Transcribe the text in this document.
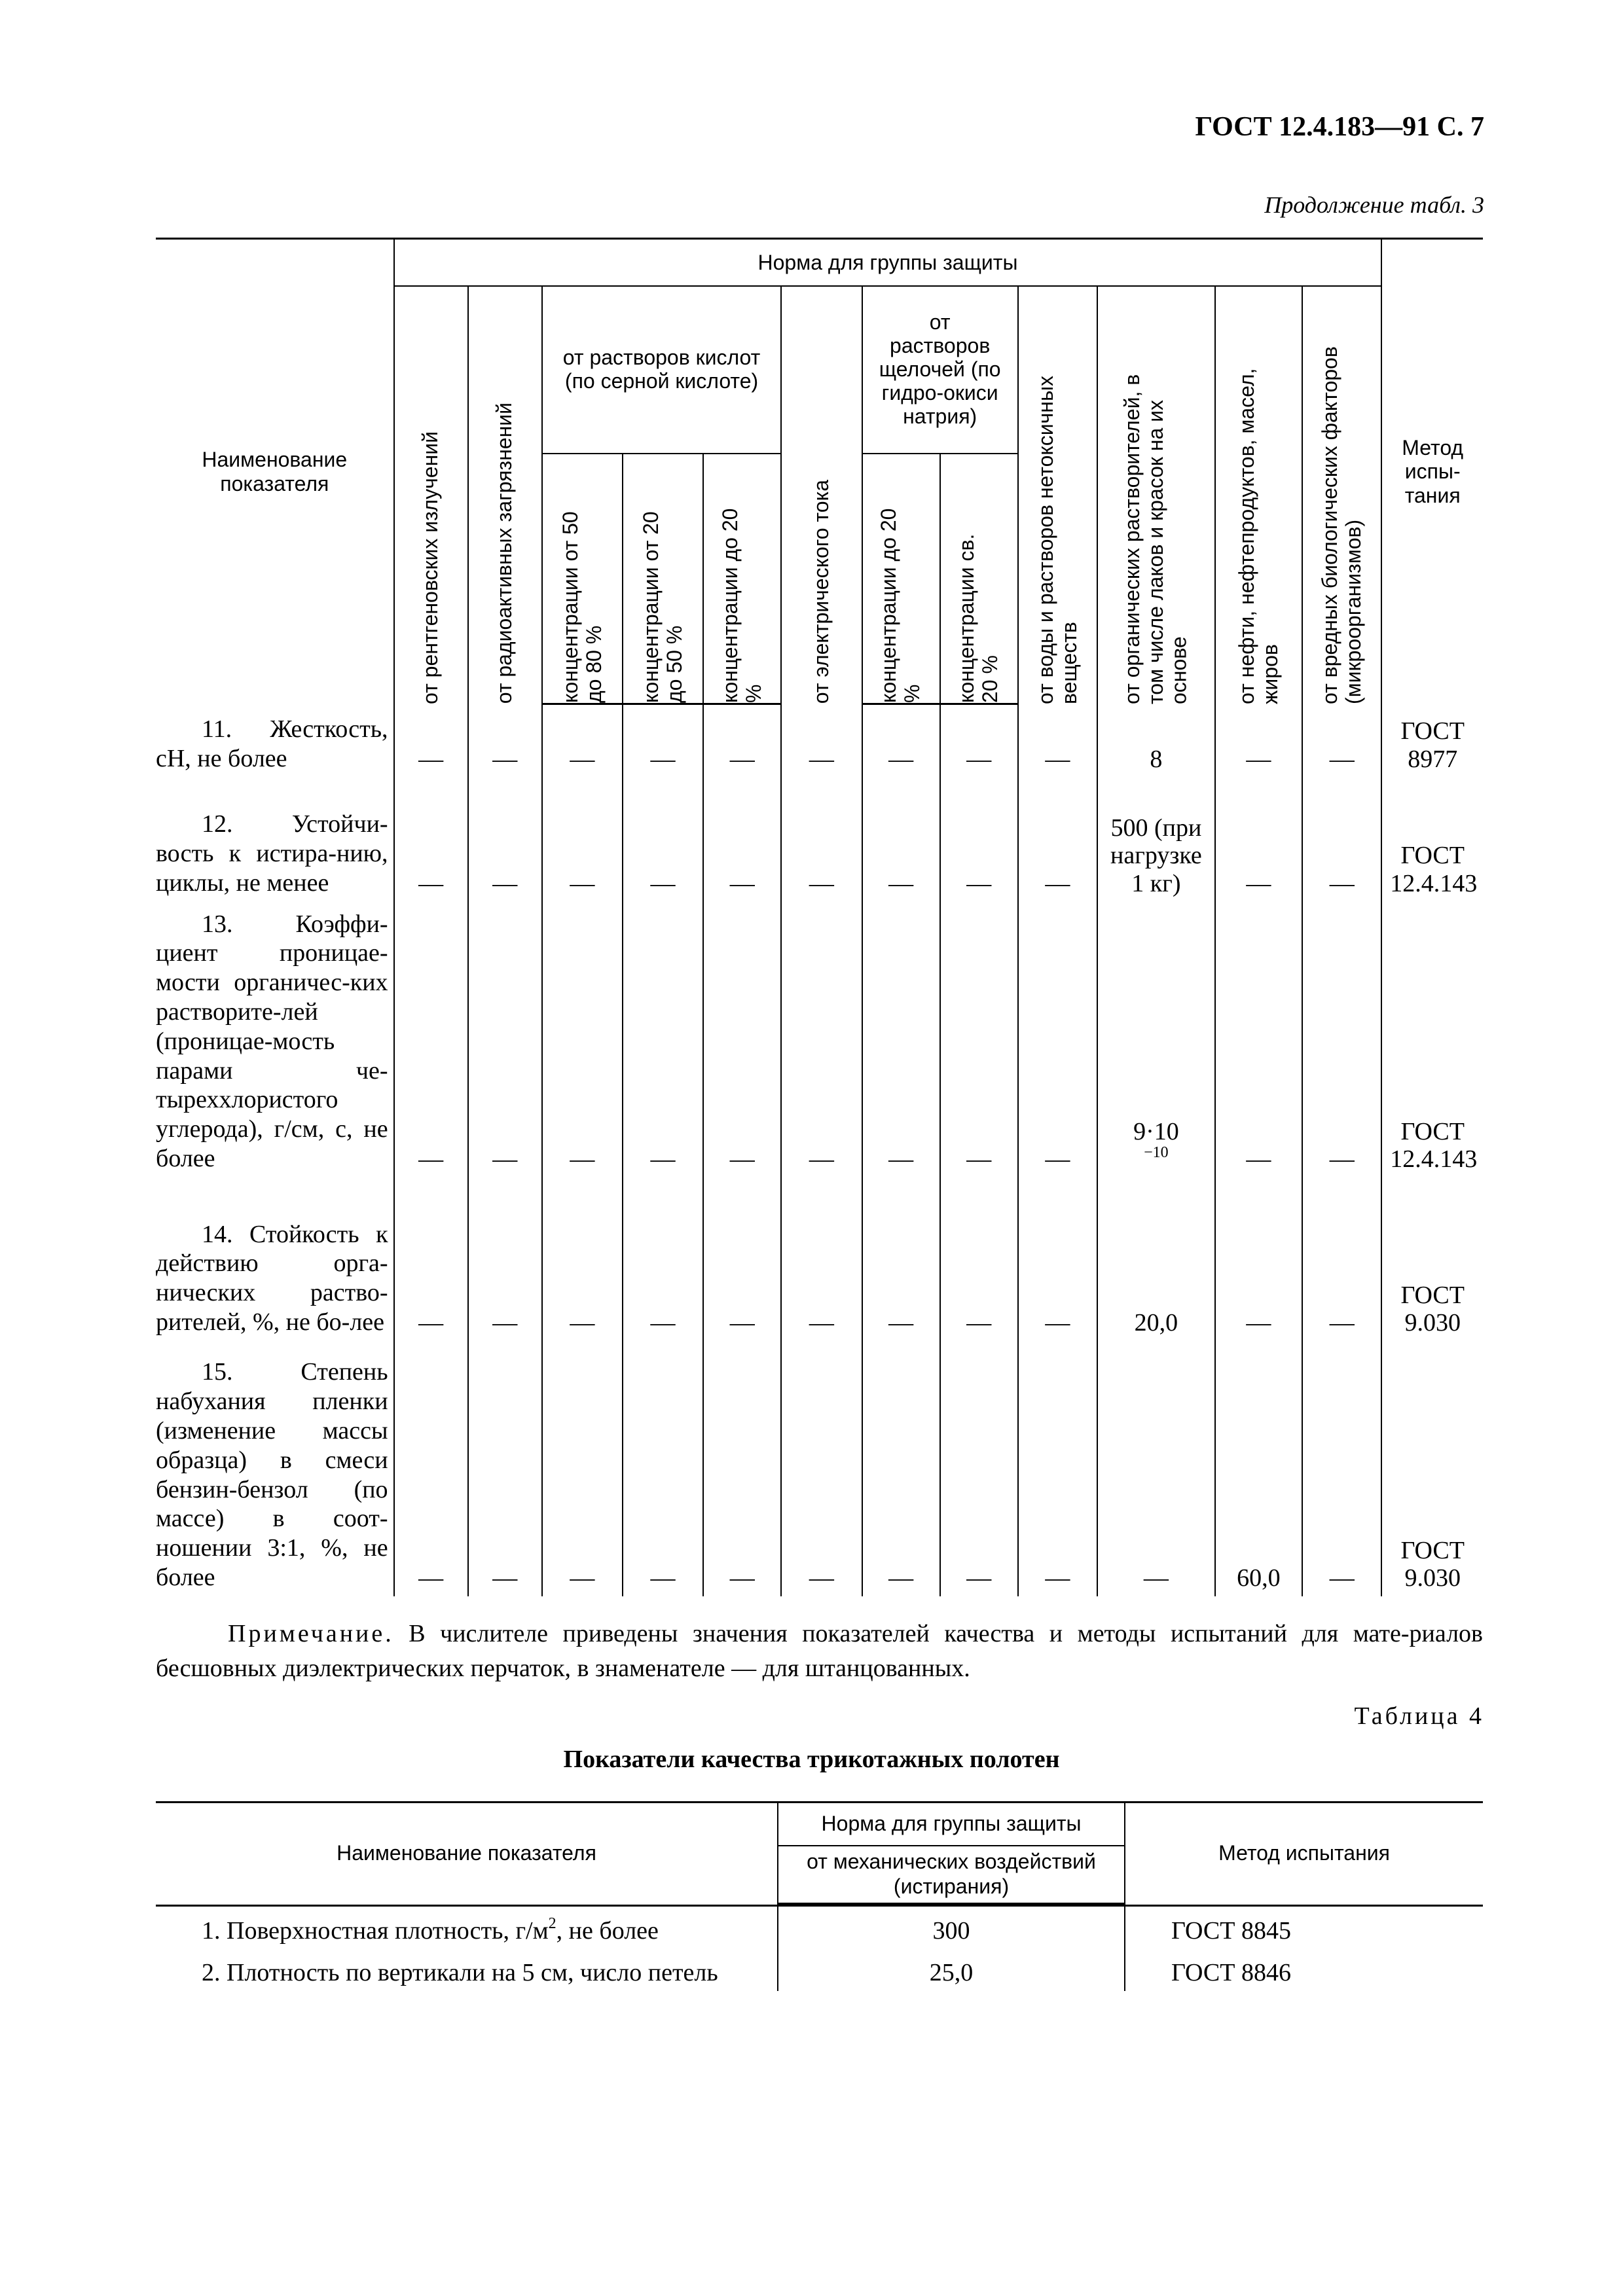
ГОСТ 12.4.183—91 С. 7
Продолжение табл. 3
Наименование показателя	Норма для группы защиты												Метод испы-тания

	от рентгеновских излучений	от радиоактивных загрязнений	от растворов кислот (по серной кислоте)			от электрического тока	от растворов щелочей (по гидро-окиси натрия)		от воды и растворов нетоксичных веществ	от органических растворителей, в том числе лаков и красок на их основе	от нефти, нефтепродуктов, масел, жиров	от вредных биологических факторов (микроорганизмов)	

			концентрации от 50 до 80 %	концентрации от 20 до 50 %	концентрации до 20 %		концентрации до 20 %	концентрации св. 20 %					

11. Жесткость, сН, не более	—	—	—	—	—	—	—	—	—	8	—	—	ГОСТ 8977
12. Устойчи-вость к истира-нию, циклы, не менее	—	—	—	—	—	—	—	—	—	500 (при нагрузке 1 кг)	—	—	ГОСТ 12.4.143
13. Коэффи-циент проницае-мости органичес-ких растворите-лей (проницае-мость парами че-тыреххлористого углерода), г/см, с, не более	—	—	—	—	—	—	—	—	—	$9\cdot 10^{-10}$	—	—	ГОСТ 12.4.143
14. Стойкость к действию орга-нических раство-рителей, %, не бо-лее	—	—	—	—	—	—	—	—	—	20,0	—	—	ГОСТ 9.030
15. Степень набухания пленки (изменение массы образца) в смеси бензин-бензол (по массе) в соот-ношении 3:1, %, не более	—	—	—	—	—	—	—	—	—	—	60,0	—	ГОСТ 9.030
Примечание. В числителе приведены значения показателей качества и методы испытаний для мате-риалов бесшовных диэлектрических перчаток, в знаменателе — для штанцованных.
Таблица 4
Показатели качества трикотажных полотен
Наименование показателя	Норма для группы защиты	Метод испытания
	от механических воздействий (истирания)	

1. Поверхностная плотность, $г/м^2$, не более	300	ГОСТ 8845
2. Плотность по вертикали на 5 см, число петель	25,0	ГОСТ 8846
